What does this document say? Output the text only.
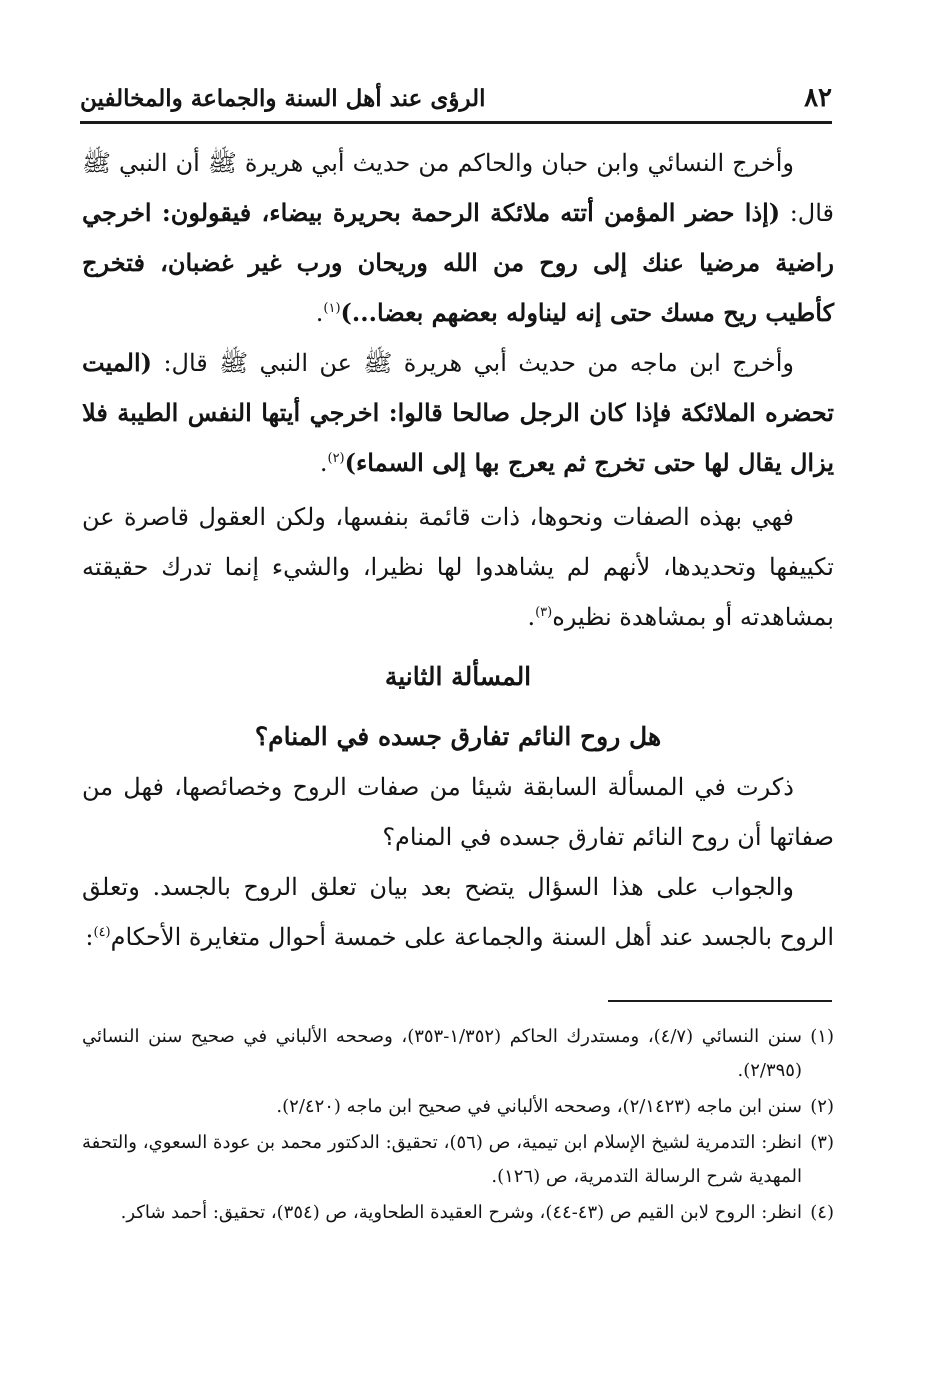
٨٢
الرؤى عند أهل السنة والجماعة والمخالفين

وأخرج النسائي وابن حبان والحاكم من حديث أبي هريرة ﷺ أن النبي ﷺ قال: (إذا حضر المؤمن أتته ملائكة الرحمة بحريرة بيضاء، فيقولون: اخرجي راضية مرضيا عنك إلى روح من الله وريحان ورب غير غضبان، فتخرج كأطيب ريح مسك حتى إنه ليناوله بعضهم بعضا...)$^{(١)}$.

وأخرج ابن ماجه من حديث أبي هريرة ﷺ عن النبي ﷺ قال: (الميت تحضره الملائكة فإذا كان الرجل صالحا قالوا: اخرجي أيتها النفس الطيبة فلا يزال يقال لها حتى تخرج ثم يعرج بها إلى السماء)$^{(٢)}$.

فهي بهذه الصفات ونحوها، ذات قائمة بنفسها، ولكن العقول قاصرة عن تكييفها وتحديدها، لأنهم لم يشاهدوا لها نظيرا، والشيء إنما تدرك حقيقته بمشاهدته أو بمشاهدة نظيره$^{(٣)}$.

المسألة الثانية
هل روح النائم تفارق جسده في المنام؟

ذكرت في المسألة السابقة شيئا من صفات الروح وخصائصها، فهل من صفاتها أن روح النائم تفارق جسده في المنام؟

والجواب على هذا السؤال يتضح بعد بيان تعلق الروح بالجسد. وتعلق الروح بالجسد عند أهل السنة والجماعة على خمسة أحوال متغايرة الأحكام$^{(٤)}$:

(١)سنن النسائي (٤/٧)، ومستدرك الحاكم (١/٣٥٢-٣٥٣)، وصححه الألباني في صحيح سنن النسائي (٢/٣٩٥).

(٢)سنن ابن ماجه (٢/١٤٢٣)، وصححه الألباني في صحيح ابن ماجه (٢/٤٢٠).

(٣)انظر: التدمرية لشيخ الإسلام ابن تيمية، ص (٥٦)، تحقيق: الدكتور محمد بن عودة السعوي، والتحفة المهدية شرح الرسالة التدمرية، ص (١٢٦).

(٤)انظر: الروح لابن القيم ص (٤٣-٤٤)، وشرح العقيدة الطحاوية، ص (٣٥٤)، تحقيق: أحمد شاكر.
